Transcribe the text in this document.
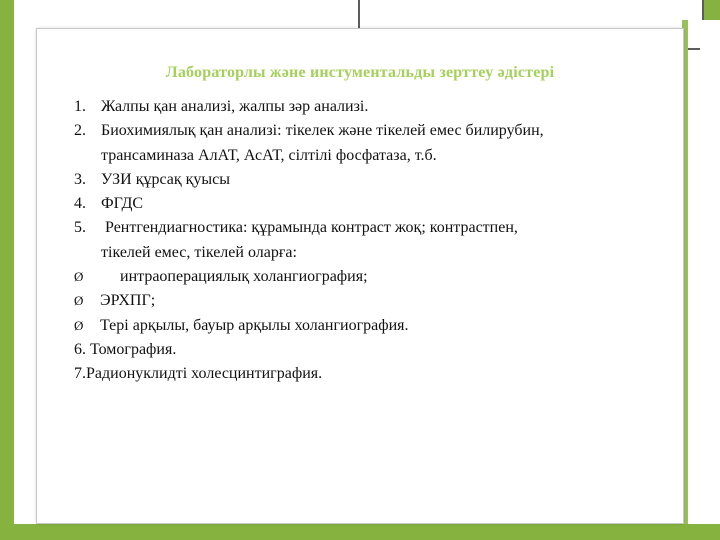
Лабораторлы және инстументальды зерттеу әдістері
1. Жалпы қан анализі, жалпы зәр анализі.
2. Биохимиялық қан анализі: тікелек және тікелей емес билирубин,
трансаминаза АлАТ, АсАТ, сілтілі фосфатаза, т.б.
3. УЗИ құрсақ қуысы
4. ФГДС
5. Рентгендиагностика: құрамында контраст жоқ; контрастпен,
тікелей емес, тікелей оларға:
Ø     интраоперациялық холангиография;
Ø ЭРХПГ;
Ø Тері арқылы, бауыр арқылы холангиография.
6. Томография.
7.Радионуклидті холесцинтиграфия.
